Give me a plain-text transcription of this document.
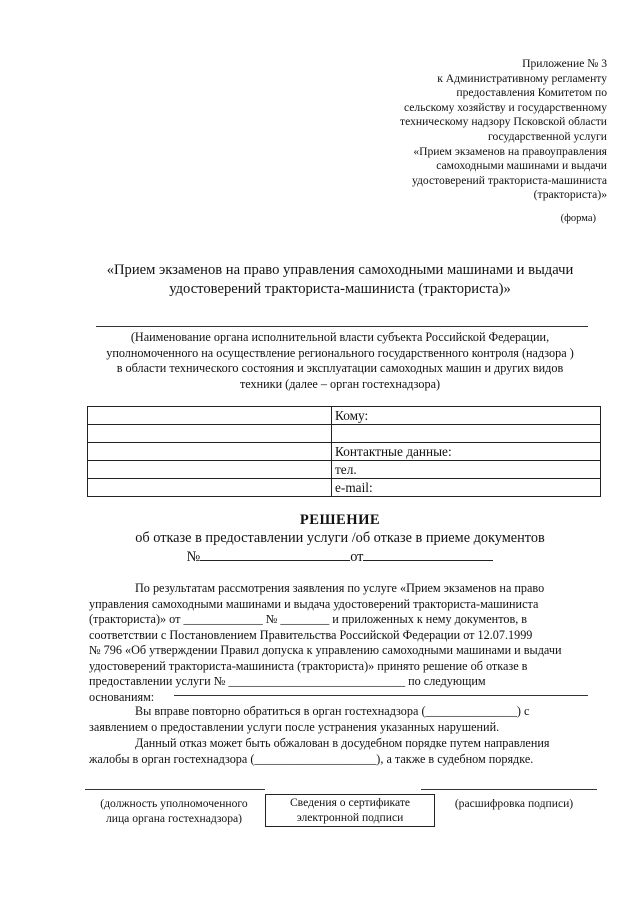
Приложение № 3
к Административному регламенту
предоставления Комитетом по
сельскому хозяйству и государственному
техническому надзору Псковской области
государственной услуги
«Прием экзаменов на правоуправления
самоходными машинами и выдачи
удостоверений тракториста-машиниста
(тракториста)»
(форма)
«Прием экзаменов на право управления самоходными машинами и выдачи
удостоверений тракториста-машиниста (тракториста)»
(Наименование органа исполнительной власти субъекта Российской Федерации,
уполномоченного на осуществление регионального государственного контроля (надзора )
в области технического состояния и эксплуатации самоходных машин и других видов
техники (далее – орган гостехнадзора)
	Кому:

	Контактные данные:
	тел.
	e-mail:
РЕШЕНИЕ
об отказе в предоставлении услуги /об отказе в приеме документов
№	от
По результатам рассмотрения заявления по услуге «Прием экзаменов на право
управления самоходными машинами и выдача удостоверений тракториста-машиниста
(тракториста)» от _____________ № ________ и приложенных к нему документов, в
соответствии с Постановлением Правительства Российской Федерации от 12.07.1999
№ 796 «Об утверждении Правил допуска к управлению самоходными машинами и выдачи
удостоверений тракториста-машиниста (тракториста)» принято решение об отказе в
предоставлении услуги № _____________________________ по следующим
основаниям:
Вы вправе повторно обратиться в орган гостехнадзора (_______________) с
заявлением о предоставлении услуги после устранения указанных нарушений.
Данный отказ может быть обжалован в досудебном порядке путем направления
жалобы в орган гостехнадзора (____________________), а также в судебном порядке.
(должность уполномоченного
лица органа гостехнадзора)
Сведения о сертификате
электронной подписи
(расшифровка подписи)
